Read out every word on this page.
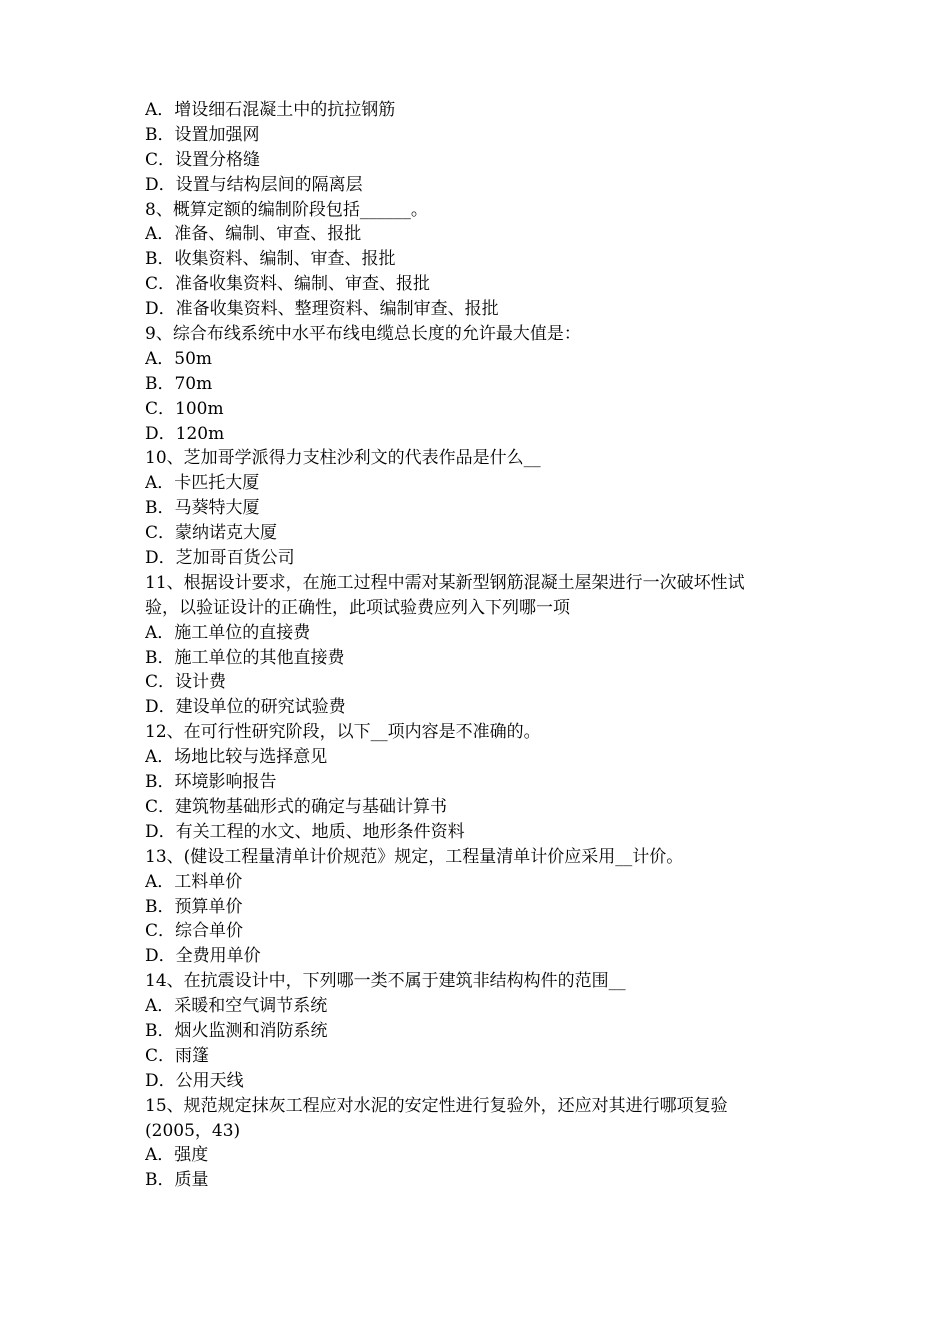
A．增设细石混凝土中的抗拉钢筋
B．设置加强网
C．设置分格缝
D．设置与结构层间的隔离层
8、概算定额的编制阶段包括______。
A．准备、编制、审查、报批
B．收集资料、编制、审查、报批
C．准备收集资料、编制、审查、报批
D．准备收集资料、整理资料、编制审查、报批
9、综合布线系统中水平布线电缆总长度的允许最大值是：
A．50m
B．70m
C．100m
D．120m
10、芝加哥学派得力支柱沙利文的代表作品是什么__
A．卡匹托大厦
B．马葵特大厦
C．蒙纳诺克大厦
D．芝加哥百货公司
11、根据设计要求，在施工过程中需对某新型钢筋混凝土屋架进行一次破坏性试
验，以验证设计的正确性，此项试验费应列入下列哪一项
A．施工单位的直接费
B．施工单位的其他直接费
C．设计费
D．建设单位的研究试验费
12、在可行性研究阶段，以下__项内容是不准确的。
A．场地比较与选择意见
B．环境影响报告
C．建筑物基础形式的确定与基础计算书
D．有关工程的水文、地质、地形条件资料
13、(健设工程量清单计价规范》规定，工程量清单计价应采用__计价。
A．工料单价
B．预算单价
C．综合单价
D．全费用单价
14、在抗震设计中，下列哪一类不属于建筑非结构构件的范围__
A．采暖和空气调节系统
B．烟火监测和消防系统
C．雨篷
D．公用天线
15、规范规定抹灰工程应对水泥的安定性进行复验外，还应对其进行哪项复验
(2005，43)
A．强度
B．质量
